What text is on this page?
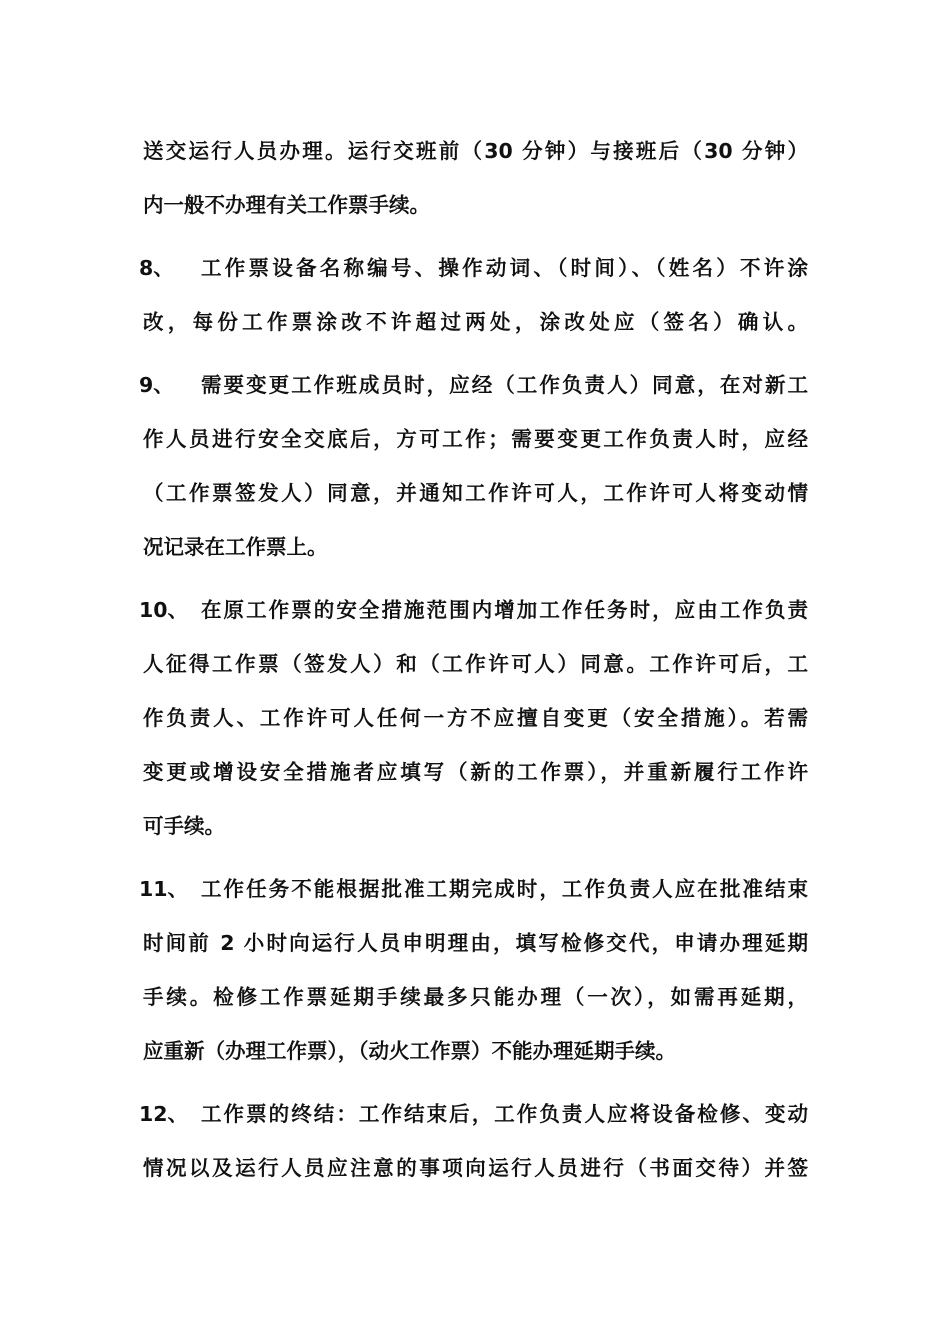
送交运行人员办理。运行交班前（30 分钟）与接班后（30 分钟）
内一般不办理有关工作票手续。
8、 工作票设备名称编号、操作动词、（时间）、（姓名）不许涂
改，每份工作票涂改不许超过两处，涂改处应（签名）确认。
9、 需要变更工作班成员时，应经（工作负责人）同意，在对新工
作人员进行安全交底后，方可工作；需要变更工作负责人时，应经
（工作票签发人）同意，并通知工作许可人，工作许可人将变动情
况记录在工作票上。
10、 在原工作票的安全措施范围内增加工作任务时，应由工作负责
人征得工作票（签发人）和（工作许可人）同意。工作许可后，工
作负责人、工作许可人任何一方不应擅自变更（安全措施）。若需
变更或增设安全措施者应填写（新的工作票），并重新履行工作许
可手续。
11、 工作任务不能根据批准工期完成时，工作负责人应在批准结束
时间前 2 小时向运行人员申明理由，填写检修交代，申请办理延期
手续。检修工作票延期手续最多只能办理（一次），如需再延期，
应重新（办理工作票），（动火工作票）不能办理延期手续。
12、 工作票的终结：工作结束后，工作负责人应将设备检修、变动
情况以及运行人员应注意的事项向运行人员进行（书面交待）并签
